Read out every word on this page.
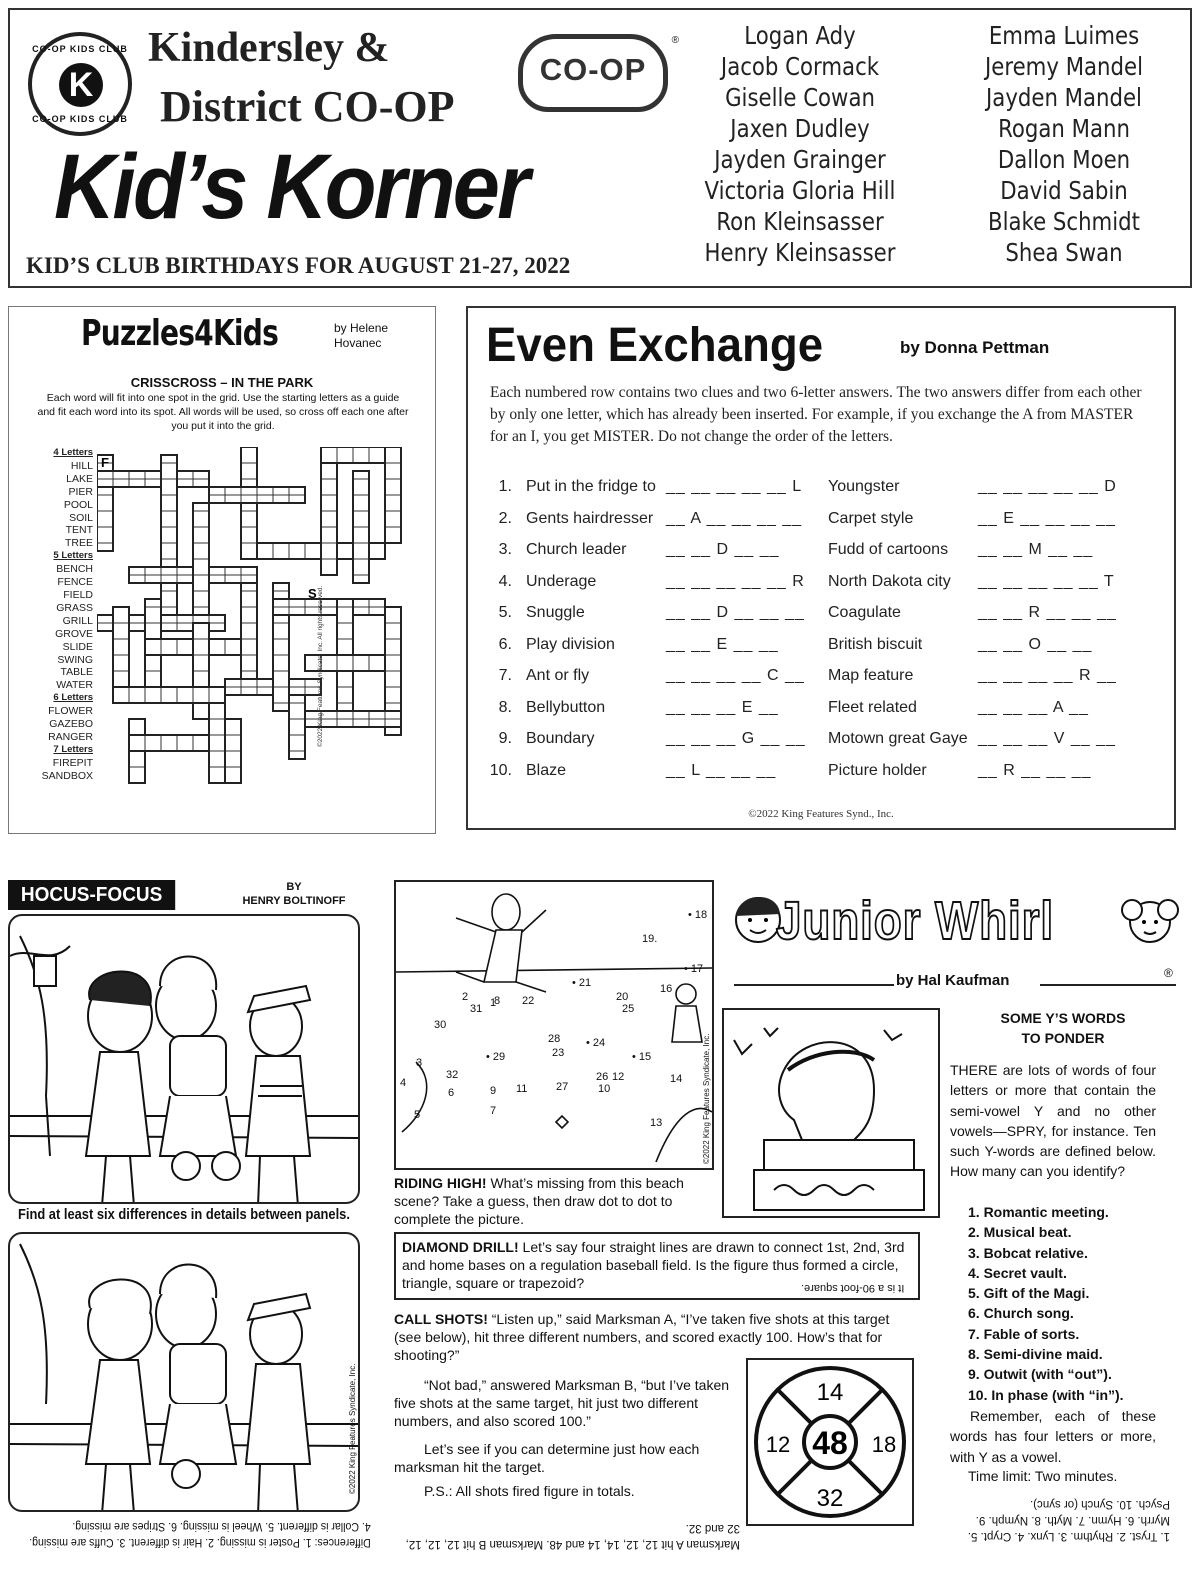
CO-OP KIDS CLUB
K
CO-OP KIDS CLUB
Kindersley &
District CO-OP
CO-OP
®
Kid’s Korner
KID’S CLUB BIRTHDAYS FOR AUGUST 21-27, 2022
Logan Ady
Jacob Cormack
Giselle Cowan
Jaxen Dudley
Jayden Grainger
Victoria Gloria Hill
Ron Kleinsasser
Henry Kleinsasser
Emma Luimes
Jeremy Mandel
Jayden Mandel
Rogan Mann
Dallon Moen
David Sabin
Blake Schmidt
Shea Swan
Puzzles4Kids	by Helene
Hovanec
CRISSCROSS – IN THE PARK
Each word will fit into one spot in the grid. Use the starting letters as a guide and fit each word into its spot. All words will be used, so cross off each one after you put it into the grid.
4 Letters
HILL
LAKE
PIER
POOL
SOIL
TENT
TREE
5 Letters
BENCH
FENCE
FIELD
GRASS
GRILL
GROVE
SLIDE
SWING
TABLE
WATER
6 Letters
FLOWER
GAZEBO
RANGER
7 Letters
FIREPIT
SANDBOX
F
S ©2022 King Features Syndicate, Inc. All rights reserved.
Even Exchange	by Donna Pettman
Each numbered row contains two clues and two 6-letter answers. The two answers differ from each other by only one letter, which has already been inserted. For example, if you exchange the A from MASTER for an I, you get MISTER. Do not change the order of the letters.
1. Put in the fridge to __ __ __ __ __ L Youngster	__ __ __ __ __ D
2. Gents hairdresser __ A __ __ __ __ Carpet style	__ E __ __ __ __
3. Church leader __ __ D __ __	Fudd of cartoons __ __ M __ __
4. Underage	__ __ __ __ __ R North Dakota city __ __ __ __ __ T
5. Snuggle	__ __ D __ __ __ Coagulate	__ __ R __ __ __
6. Play division	__ __ E __ __	British biscuit	__ __ O __ __
7. Ant or fly	__ __ __ __ C __ Map feature	__ __ __ __ R __
8. Bellybutton	__ __ __ E __	Fleet related	__ __ __ A __
9. Boundary	__ __ __ G __ __ Motown great Gaye __ __ __ V __ __
10. Blaze	__ L __ __ __	Picture holder	__ R __ __ __
©2022 King Features Synd., Inc.
HOCUS-FOCUS	BY
HENRY BOLTINOFF
Find at least six differences in details between panels.
©2022 King Features Syndicate, Inc.
Differences: 1. Poster is missing. 2. Hair is different. 3. Cuffs are missing. 4. Collar is different. 5. Wheel is missing. 6. Stripes are missing.
• 18
19.
• 17
16
• 21
2
31 1 22
8	20
25
30
28
23
• 24
• 29	• 15
3
32	26 12
10
14
4
6	27
9
7
5
13
11	©2022 King Features Syndicate, Inc.
RIDING HIGH! What’s missing from this beach scene? Take a guess, then draw dot to dot to complete the picture.
DIAMOND DRILL! Let’s say four straight lines are drawn to connect 1st, 2nd, 3rd and home bases on a regulation baseball field. Is the figure thus formed a circle, triangle, square or trapezoid?	It is a 90-foot square.
CALL SHOTS! “Listen up,” said Marksman A, “I’ve taken five shots at this target (see below), hit three different numbers, and scored exactly 100. How’s that for shooting?”
“Not bad,” answered Marksman B, “but I’ve taken five shots at the same target, hit just two different numbers, and also scored 100.”
Let’s see if you can determine just how each marksman hit the target.
P.S.: All shots fired figure in totals.
14
12 48 18
32
Marksman A hit 12, 12, 14, 14 and 48. Marksman B hit 12, 12, 12, 32 and 32.
Junior Whirl
®
by Hal Kaufman
SOME Y’S WORDS
TO PONDER
THERE are lots of words of four letters or more that contain the semi-vowel Y and no other vowels—SPRY, for instance. Ten such Y-words are defined below. How many can you identify?
1. Romantic meeting.
2. Musical beat.
3. Bobcat relative.
4. Secret vault.
5. Gift of the Magi.
6. Church song.
7. Fable of sorts.
8. Semi-divine maid.
9. Outwit (with “out”).
10. In phase (with “in”).
Remember, each of these words has four letters or more, with Y as a vowel.
Time limit: Two minutes.
1. Tryst. 2. Rhythm. 3. Lynx. 4. Crypt. 5. Myrrh. 6. Hymn. 7. Myth. 8. Nymph. 9. Psych. 10. Synch (or sync).
